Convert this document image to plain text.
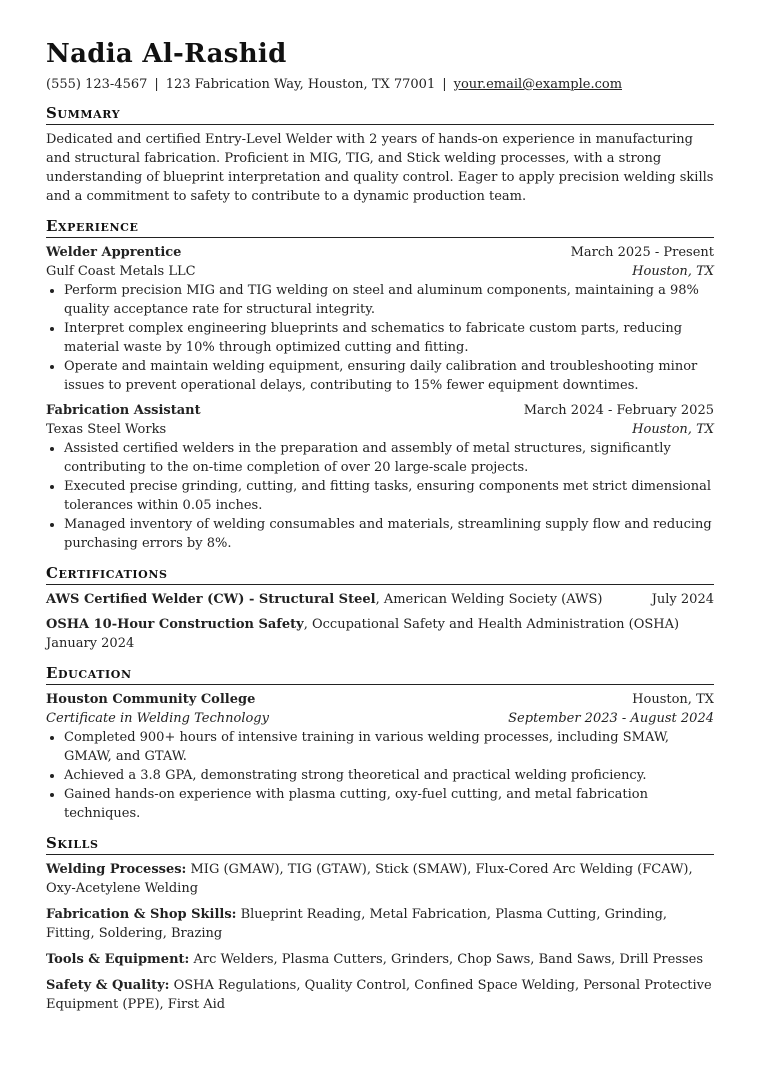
Nadia Al-Rashid
(555) 123-4567 | 123 Fabrication Way, Houston, TX 77001 | your.email@example.com
Summary

Dedicated and certified Entry-Level Welder with 2 years of hands-on experience in manufacturing and structural fabrication. Proficient in MIG, TIG, and Stick welding processes, with a strong understanding of blueprint interpretation and quality control. Eager to apply precision welding skills and a commitment to safety to contribute to a dynamic production team.

Experience
Welder Apprentice	March 2025 - Present
Gulf Coast Metals LLC	Houston, TX
• Perform precision MIG and TIG welding on steel and aluminum components, maintaining a 98% quality acceptance rate for structural integrity.
• Interpret complex engineering blueprints and schematics to fabricate custom parts, reducing material waste by 10% through optimized cutting and fitting.
• Operate and maintain welding equipment, ensuring daily calibration and troubleshooting minor issues to prevent operational delays, contributing to 15% fewer equipment downtimes.
Fabrication Assistant	March 2024 - February 2025
Texas Steel Works	Houston, TX
• Assisted certified welders in the preparation and assembly of metal structures, significantly contributing to the on-time completion of over 20 large-scale projects.
• Executed precise grinding, cutting, and fitting tasks, ensuring components met strict dimensional tolerances within 0.05 inches.
• Managed inventory of welding consumables and materials, streamlining supply flow and reducing purchasing errors by 8%.
Certifications
AWS Certified Welder (CW) - Structural Steel, American Welding Society (AWS)	July 2024
OSHA 10-Hour Construction Safety, Occupational Safety and Health Administration (OSHA) January 2024
Education
Houston Community College	Houston, TX
Certificate in Welding Technology	September 2023 - August 2024
• Completed 900+ hours of intensive training in various welding processes, including SMAW, GMAW, and GTAW.
• Achieved a 3.8 GPA, demonstrating strong theoretical and practical welding proficiency.
• Gained hands-on experience with plasma cutting, oxy-fuel cutting, and metal fabrication techniques.
Skills

Welding Processes: MIG (GMAW), TIG (GTAW), Stick (SMAW), Flux-Cored Arc Welding (FCAW), Oxy-Acetylene Welding

Fabrication & Shop Skills: Blueprint Reading, Metal Fabrication, Plasma Cutting, Grinding, Fitting, Soldering, Brazing

Tools & Equipment: Arc Welders, Plasma Cutters, Grinders, Chop Saws, Band Saws, Drill Presses

Safety & Quality: OSHA Regulations, Quality Control, Confined Space Welding, Personal Protective Equipment (PPE), First Aid
